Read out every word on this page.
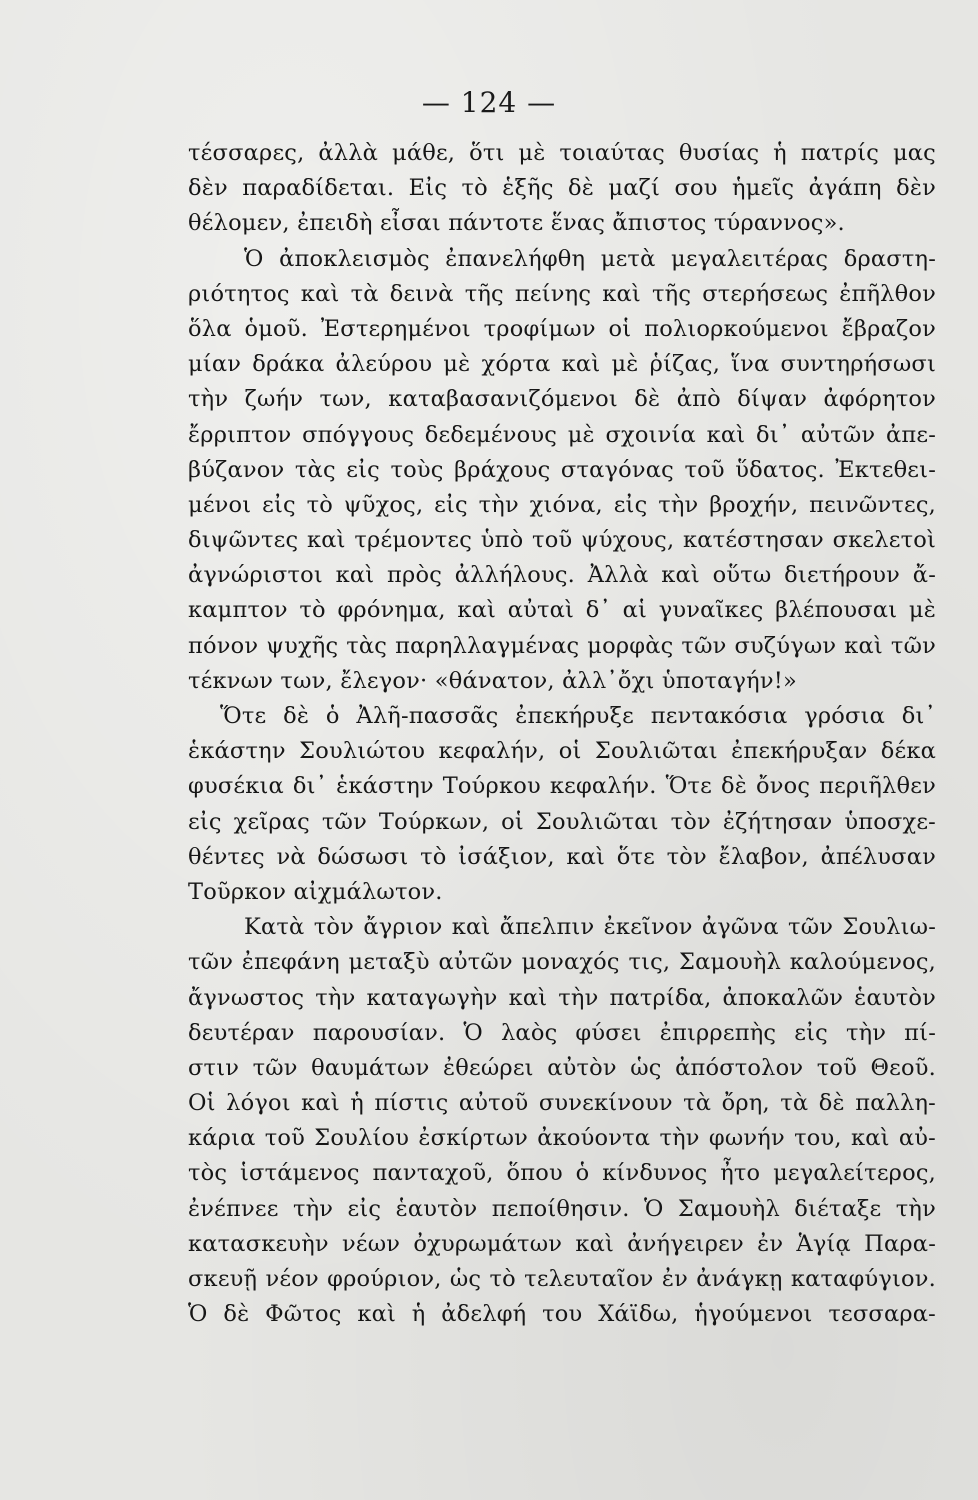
— 124 —
τέσσαρες, ἀλλὰ μάθε, ὅτι μὲ τοιαύτας θυσίας ἡ πατρίς μας
δὲν παραδίδεται. Εἰς τὸ ἑξῆς δὲ μαζί σου ἡμεῖς ἀγάπη δὲν
θέλομεν, ἐπειδὴ εἶσαι πάντοτε ἕνας ἄπιστος τύραννος».
Ὁ ἀποκλεισμὸς ἐπανελήφθη μετὰ μεγαλειτέρας δραστη-
ριότητος καὶ τὰ δεινὰ τῆς πείνης καὶ τῆς στερήσεως ἐπῆλθον
ὅλα ὁμοῦ. Ἐστερημένοι τροφίμων οἱ πολιορκούμενοι ἔβραζον
μίαν δράκα ἀλεύρου μὲ χόρτα καὶ μὲ ῥίζας, ἵνα συντηρήσωσι
τὴν ζωήν των, καταβασανιζόμενοι δὲ ἀπὸ δίψαν ἀφόρητον
ἔρριπτον σπόγγους δεδεμένους μὲ σχοινία καὶ δι᾽ αὐτῶν ἀπε-
βύζανον τὰς εἰς τοὺς βράχους σταγόνας τοῦ ὕδατος. Ἐκτεθει-
μένοι εἰς τὸ ψῦχος, εἰς τὴν χιόνα, εἰς τὴν βροχήν, πεινῶντες,
διψῶντες καὶ τρέμοντες ὑπὸ τοῦ ψύχους, κατέστησαν σκελετοὶ
ἀγνώριστοι καὶ πρὸς ἀλλήλους. Ἀλλὰ καὶ οὕτω διετήρουν ἄ-
καμπτον τὸ φρόνημα, καὶ αὐταὶ δ᾽ αἱ γυναῖκες βλέπουσαι μὲ
πόνον ψυχῆς τὰς παρηλλαγμένας μορφὰς τῶν συζύγων καὶ τῶν
τέκνων των, ἔλεγον· «θάνατον, ἀλλ᾽ὄχι ὑποταγήν!»
Ὅτε δὲ ὁ Ἀλῆ-πασσᾶς ἐπεκήρυξε πεντακόσια γρόσια δι᾽
ἑκάστην Σουλιώτου κεφαλήν, οἱ Σουλιῶται ἐπεκήρυξαν δέκα
φυσέκια δι᾽ ἑκάστην Τούρκου κεφαλήν. Ὅτε δὲ ὄνος περιῆλθεν
εἰς χεῖρας τῶν Τούρκων, οἱ Σουλιῶται τὸν ἐζήτησαν ὑποσχε-
θέντες νὰ δώσωσι τὸ ἰσάξιον, καὶ ὅτε τὸν ἔλαβον, ἀπέλυσαν
Τοῦρκον αἰχμάλωτον.
Κατὰ τὸν ἄγριον καὶ ἄπελπιν ἐκεῖνον ἀγῶνα τῶν Σουλιω-
τῶν ἐπεφάνη μεταξὺ αὐτῶν μοναχός τις, Σαμουὴλ καλούμενος,
ἄγνωστος τὴν καταγωγὴν καὶ τὴν πατρίδα, ἀποκαλῶν ἑαυτὸν
δευτέραν παρουσίαν. Ὁ λαὸς φύσει ἐπιρρεπὴς εἰς τὴν πί-
στιν τῶν θαυμάτων ἐθεώρει αὐτὸν ὡς ἀπόστολον τοῦ Θεοῦ.
Οἱ λόγοι καὶ ἡ πίστις αὐτοῦ συνεκίνουν τὰ ὄρη, τὰ δὲ παλλη-
κάρια τοῦ Σουλίου ἐσκίρτων ἀκούοντα τὴν φωνήν του, καὶ αὐ-
τὸς ἱστάμενος πανταχοῦ, ὅπου ὁ κίνδυνος ἦτο μεγαλείτερος,
ἐνέπνεε τὴν εἰς ἑαυτὸν πεποίθησιν. Ὁ Σαμουὴλ διέταξε τὴν
κατασκευὴν νέων ὀχυρωμάτων καὶ ἀνήγειρεν ἐν Ἁγίᾳ Παρα-
σκευῇ νέον φρούριον, ὡς τὸ τελευταῖον ἐν ἀνάγκῃ καταφύγιον.
Ὁ δὲ Φῶτος καὶ ἡ ἀδελφή του Χάϊδω, ἡγούμενοι τεσσαρα-
